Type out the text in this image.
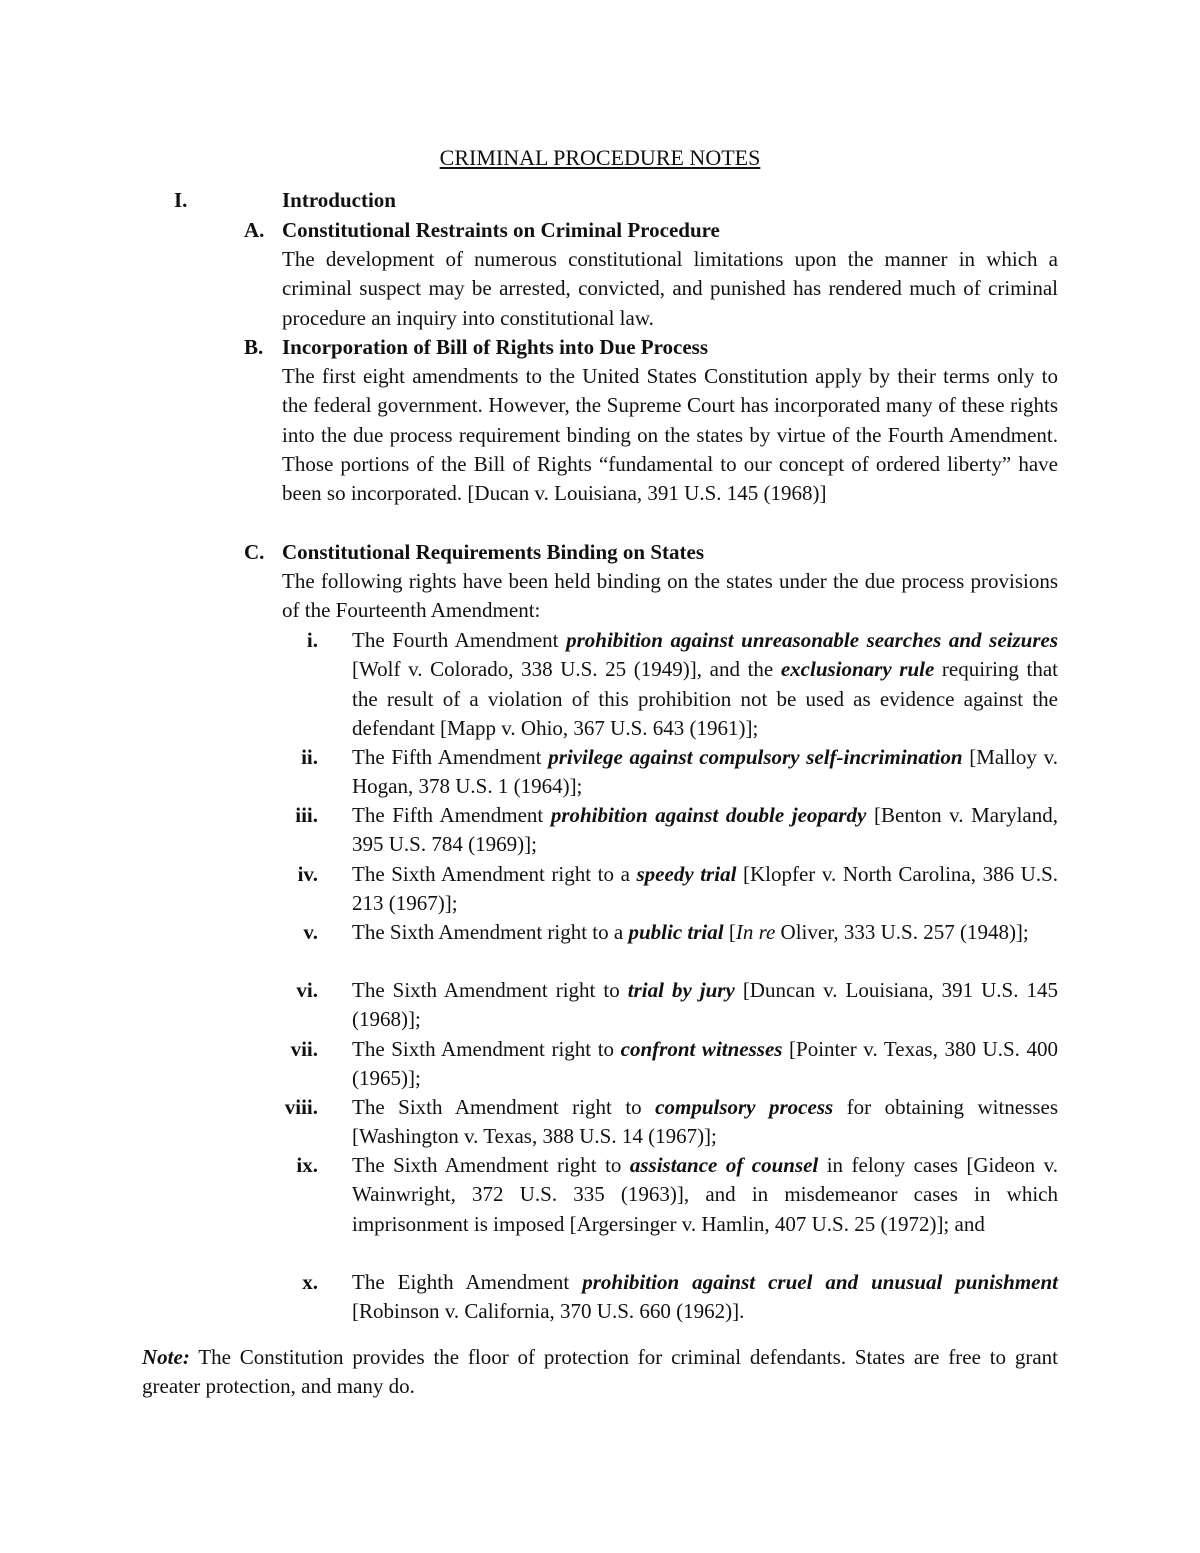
CRIMINAL PROCEDURE NOTES
I.	Introduction
A. Constitutional Restraints on Criminal Procedure
The development of numerous constitutional limitations upon the manner in which a criminal suspect may be arrested, convicted, and punished has rendered much of criminal procedure an inquiry into constitutional law.
B. Incorporation of Bill of Rights into Due Process
The first eight amendments to the United States Constitution apply by their terms only to the federal government. However, the Supreme Court has incorporated many of these rights into the due process requirement binding on the states by virtue of the Fourth Amendment. Those portions of the Bill of Rights “fundamental to our concept of ordered liberty” have been so incorporated. [Ducan v. Louisiana, 391 U.S. 145 (1968)]
C. Constitutional Requirements Binding on States
The following rights have been held binding on the states under the due process provisions of the Fourteenth Amendment:
i. The Fourth Amendment prohibition against unreasonable searches and seizures [Wolf v. Colorado, 338 U.S. 25 (1949)], and the exclusionary rule requiring that the result of a violation of this prohibition not be used as evidence against the defendant [Mapp v. Ohio, 367 U.S. 643 (1961)];
ii. The Fifth Amendment privilege against compulsory self-incrimination [Malloy v. Hogan, 378 U.S. 1 (1964)];
iii. The Fifth Amendment prohibition against double jeopardy [Benton v. Maryland, 395 U.S. 784 (1969)];
iv. The Sixth Amendment right to a speedy trial [Klopfer v. North Carolina, 386 U.S. 213 (1967)];
v. The Sixth Amendment right to a public trial [In re Oliver, 333 U.S. 257 (1948)];
vi. The Sixth Amendment right to trial by jury [Duncan v. Louisiana, 391 U.S. 145 (1968)];
vii. The Sixth Amendment right to confront witnesses [Pointer v. Texas, 380 U.S. 400 (1965)];
viii. The Sixth Amendment right to compulsory process for obtaining witnesses [Washington v. Texas, 388 U.S. 14 (1967)];
ix. The Sixth Amendment right to assistance of counsel in felony cases [Gideon v. Wainwright, 372 U.S. 335 (1963)], and in misdemeanor cases in which imprisonment is imposed [Argersinger v. Hamlin, 407 U.S. 25 (1972)]; and
x. The Eighth Amendment prohibition against cruel and unusual punishment [Robinson v. California, 370 U.S. 660 (1962)].
Note: The Constitution provides the floor of protection for criminal defendants. States are free to grant greater protection, and many do.
